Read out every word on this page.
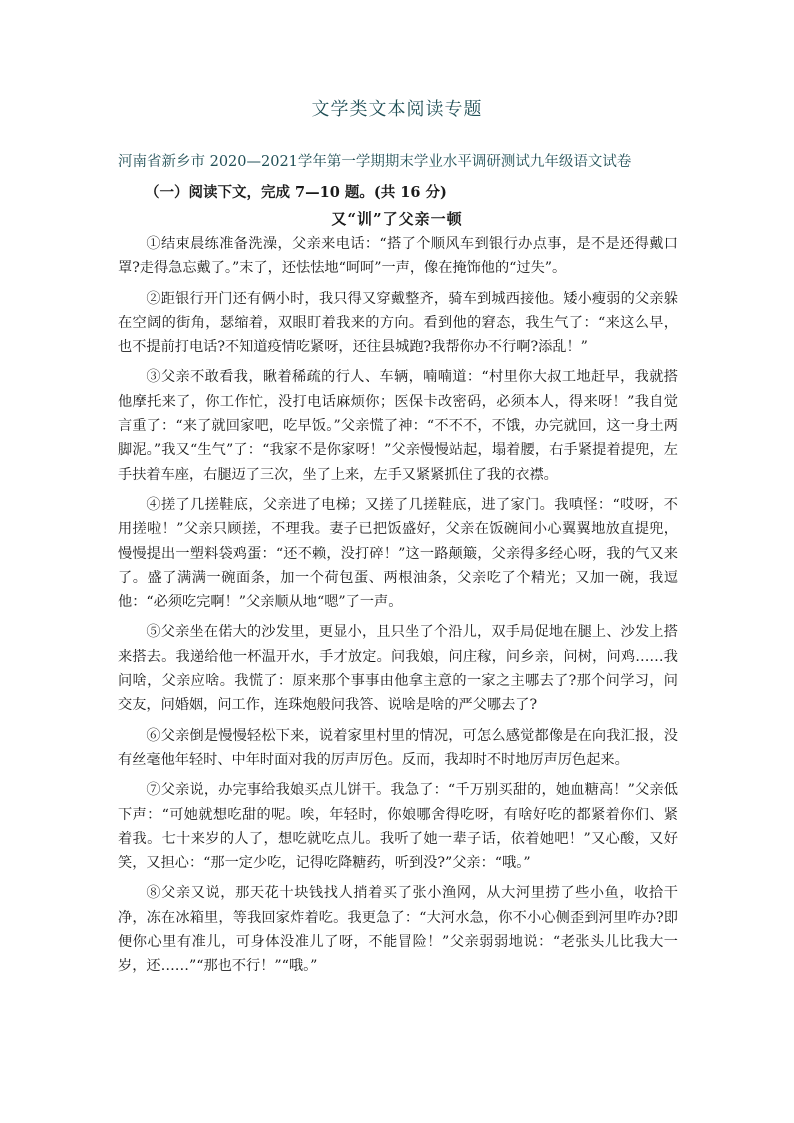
文学类文本阅读专题
河南省新乡市 2020—2021学年第一学期期末学业水平调研测试九年级语文试卷
（一）阅读下文，完成 7—10 题。(共 16 分)
又“训”了父亲一顿

①结束晨练准备洗澡，父亲来电话：“搭了个顺风车到银行办点事，是不是还得戴口罩?走得急忘戴了。”末了，还怯怯地“呵呵”一声，像在掩饰他的“过失”。

②距银行开门还有俩小时，我只得又穿戴整齐，骑车到城西接他。矮小瘦弱的父亲躲在空阔的街角，瑟缩着，双眼盯着我来的方向。看到他的窘态，我生气了：“来这么早，也不提前打电话?不知道疫情吃紧呀，还往县城跑?我帮你办不行啊?添乱！”

③父亲不敢看我，瞅着稀疏的行人、车辆，喃喃道：“村里你大叔工地赶早，我就搭他摩托来了，你工作忙，没打电话麻烦你；医保卡改密码，必须本人，得来呀！”我自觉言重了：“来了就回家吧，吃早饭。”父亲慌了神：“不不不，不饿，办完就回，这一身土两脚泥。”我又“生气”了：“我家不是你家呀！”父亲慢慢站起，塌着腰，右手紧提着提兜，左手扶着车座，右腿迈了三次，坐了上来，左手又紧紧抓住了我的衣襟。

④搓了几搓鞋底，父亲进了电梯；又搓了几搓鞋底，进了家门。我嗔怪：“哎呀，不用搓啦！”父亲只顾搓，不理我。妻子已把饭盛好，父亲在饭碗间小心翼翼地放直提兜，慢慢提出一塑料袋鸡蛋：“还不赖，没打碎！”这一路颠簸，父亲得多经心呀，我的气又来了。盛了满满一碗面条，加一个荷包蛋、两根油条，父亲吃了个精光；又加一碗，我逗他：“必须吃完啊！”父亲顺从地“嗯”了一声。

⑤父亲坐在偌大的沙发里，更显小，且只坐了个沿儿，双手局促地在腿上、沙发上搭来搭去。我递给他一杯温开水，手才放定。问我娘，问庄稼，问乡亲，问树，问鸡……我问啥，父亲应啥。我慌了：原来那个事事由他拿主意的一家之主哪去了?那个问学习，问交友，问婚姻，问工作，连珠炮般问我答、说啥是啥的严父哪去了?

⑥父亲倒是慢慢轻松下来，说着家里村里的情况，可怎么感觉都像是在向我汇报，没有丝毫他年轻时、中年时面对我的厉声厉色。反而，我却时不时地厉声厉色起来。

⑦父亲说，办完事给我娘买点儿饼干。我急了：“千万别买甜的，她血糖高！”父亲低下声：“可她就想吃甜的呢。唉，年轻时，你娘哪舍得吃呀，有啥好吃的都紧着你们、紧着我。七十来岁的人了，想吃就吃点儿。我听了她一辈子话，依着她吧！”又心酸，又好笑，又担心：“那一定少吃，记得吃降糖药，听到没?”父亲：“哦。”

⑧父亲又说，那天花十块钱找人捎着买了张小渔网，从大河里捞了些小鱼，收拾干净，冻在冰箱里，等我回家炸着吃。我更急了：“大河水急，你不小心侧歪到河里咋办?即便你心里有准儿，可身体没准儿了呀，不能冒险！”父亲弱弱地说：“老张头儿比我大一岁，还……”“那也不行！”“哦。”
